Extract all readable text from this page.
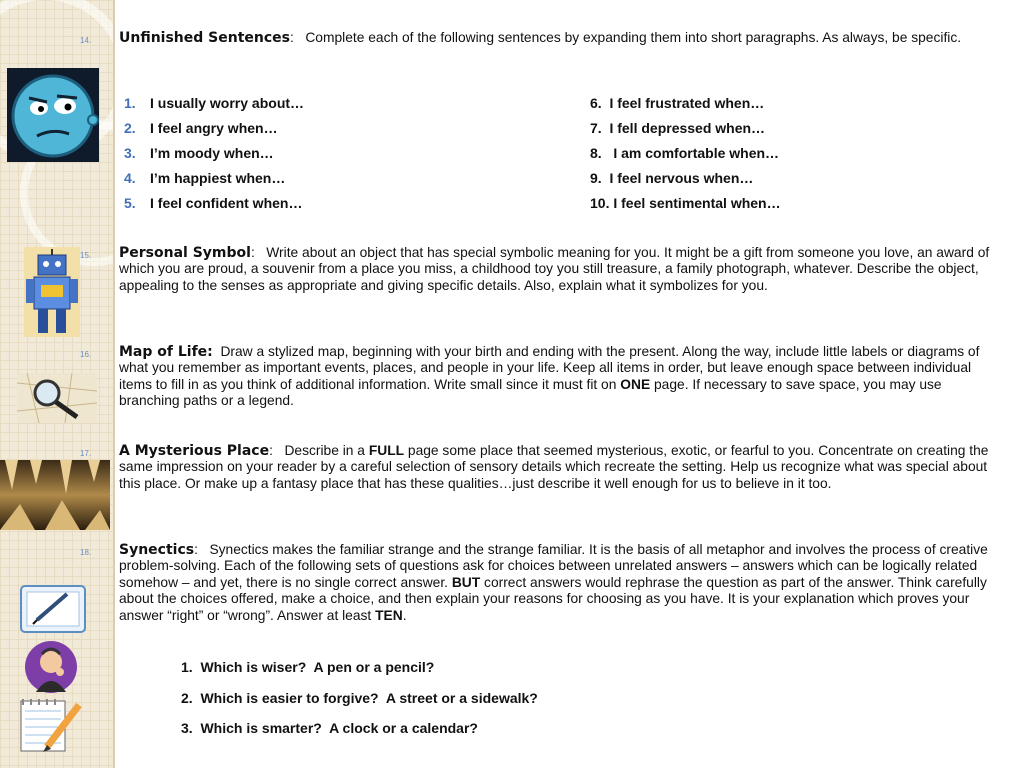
14.
15.
16.
17.
18.
Unfinished Sentences: Complete each of the following sentences by expanding them into short paragraphs. As always, be specific.
1. I usually worry about…
2. I feel angry when…
3. I’m moody when…
4. I’m happiest when…
5. I feel confident when…
6.  I feel frustrated when…
7.  I fell depressed when…
8.   I am comfortable when…
9.  I feel nervous when…
10. I feel sentimental when…
Personal Symbol: Write about an object that has special symbolic meaning for you. It might be a gift from someone you love, an award of which you are proud, a souvenir from a place you miss, a childhood toy you still treasure, a family photograph, whatever. Describe the object, appealing to the senses as appropriate and giving specific details. Also, explain what it symbolizes for you.
Map of Life: Draw a stylized map, beginning with your birth and ending with the present. Along the way, include little labels or diagrams of what you remember as important events, places, and people in your life. Keep all items in order, but leave enough space between individual items to fill in as you think of additional information. Write small since it must fit on ONE page. If necessary to save space, you may use branching paths or a legend.
A Mysterious Place: Describe in a FULL page some place that seemed mysterious, exotic, or fearful to you. Concentrate on creating the same impression on your reader by a careful selection of sensory details which recreate the setting. Help us recognize what was special about this place. Or make up a fantasy place that has these qualities…just describe it well enough for us to believe in it too.
Synectics: Synectics makes the familiar strange and the strange familiar. It is the basis of all metaphor and involves the process of creative problem-solving. Each of the following sets of questions ask for choices between unrelated answers – answers which can be logically related somehow – and yet, there is no single correct answer. BUT correct answers would rephrase the question as part of the answer. Think carefully about the choices offered, make a choice, and then explain your reasons for choosing as you have. It is your explanation which proves your answer “right” or “wrong”. Answer at least TEN.
1.  Which is wiser?  A pen or a pencil?
2.  Which is easier to forgive?  A street or a sidewalk?
3.  Which is smarter?  A clock or a calendar?
